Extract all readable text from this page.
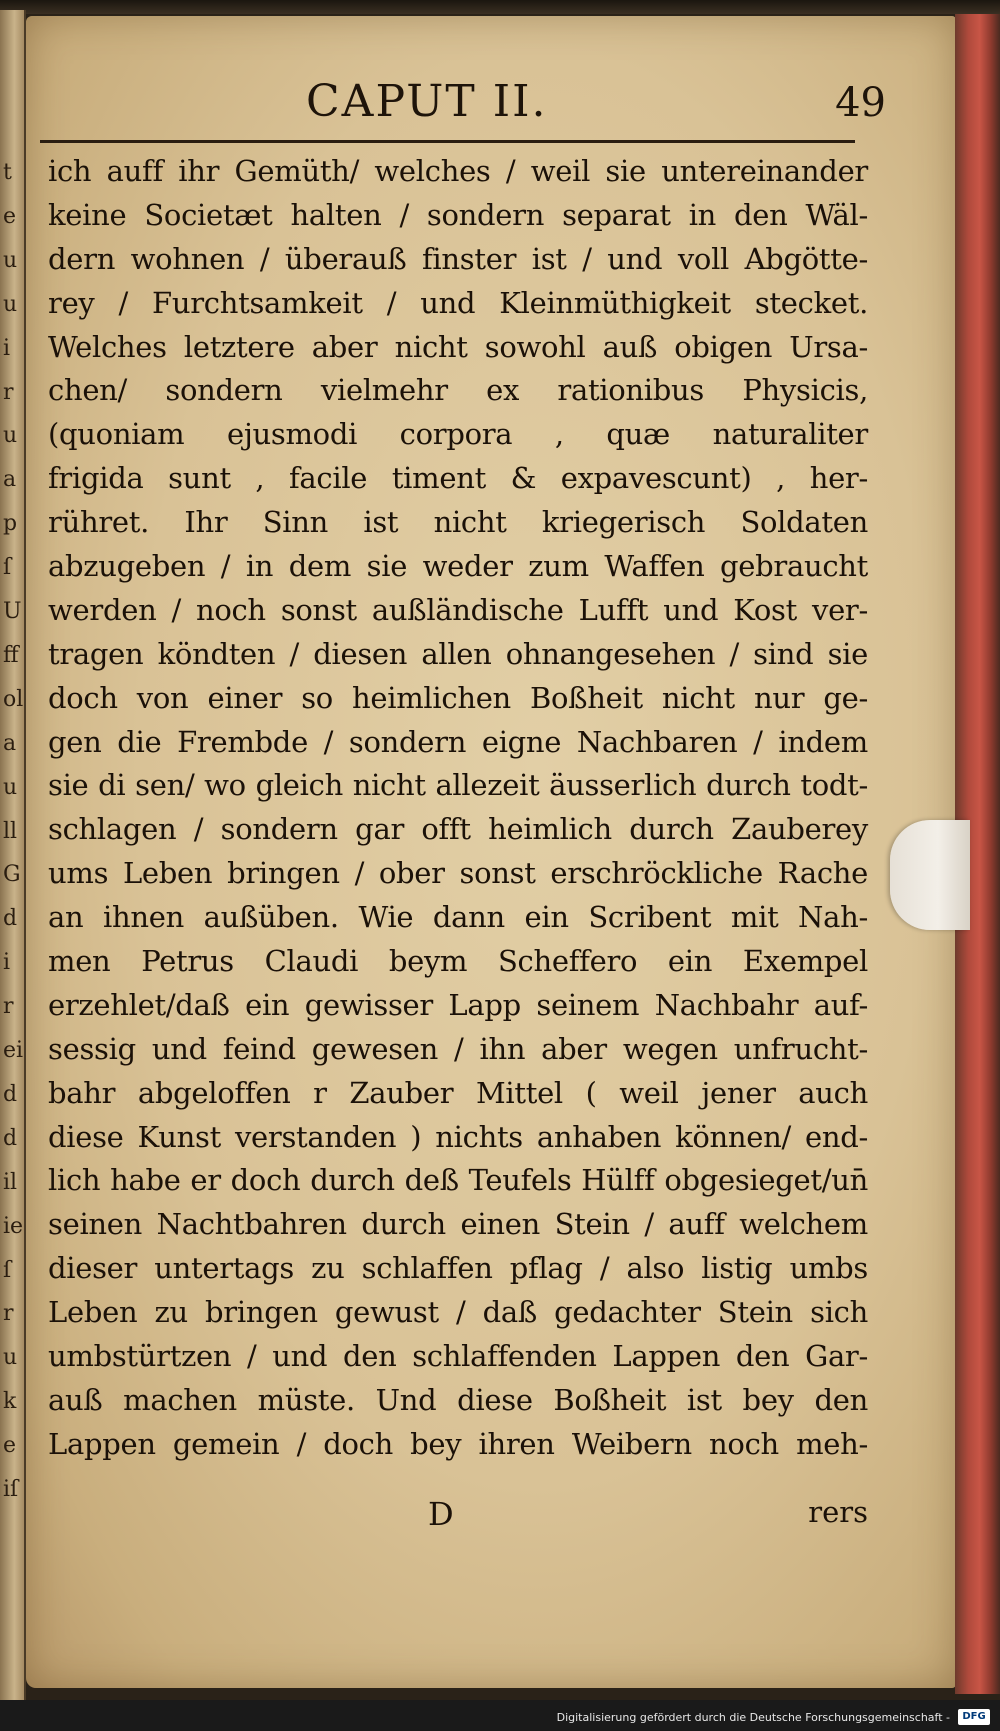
t
e
u
u
i
r
u
a
p
ſ
U
ff
ol
a
u
ll
G
d
i
r
ei
d
d
il
ie
ſ
r
u
k
e
iſ
CAPUT II.	49
ich auff ihr Gemüth/ welches / weil sie untereinander
keine Societæt halten / sondern separat in den Wäl-
dern wohnen / überauß finster ist / und voll Abgötte-
rey / Furchtsamkeit / und Kleinmüthigkeit stecket.
Welches letztere aber nicht sowohl auß obigen Ursa-
chen/ sondern vielmehr ex rationibus Physicis,
(quoniam ejusmodi corpora , quæ naturaliter
frigida sunt , facile timent & expavescunt) , her-
rühret. Ihr Sinn ist nicht kriegerisch Soldaten
abzugeben / in dem sie weder zum Waffen gebraucht
werden / noch sonst außländische Lufft und Kost ver-
tragen köndten / diesen allen ohnangesehen / sind sie
doch von einer so heimlichen Boßheit nicht nur ge-
gen die Frembde / sondern eigne Nachbaren / indem
sie di sen/ wo gleich nicht allezeit äusserlich durch todt-
schlagen / sondern gar offt heimlich durch Zauberey
ums Leben bringen / ober sonst erschröckliche Rache
an ihnen außüben. Wie dann ein Scribent mit Nah-
men Petrus Claudi beym Scheffero ein Exempel
erzehlet/daß ein gewisser Lapp seinem Nachbahr auf-
sessig und feind gewesen / ihn aber wegen unfrucht-
bahr abgeloffen r Zauber Mittel ( weil jener auch
diese Kunst verstanden ) nichts anhaben können/ end-
lich habe er doch durch deß Teufels Hülff obgesieget/un̄
seinen Nachtbahren durch einen Stein / auff welchem
dieser untertags zu schlaffen pflag / also listig umbs
Leben zu bringen gewust / daß gedachter Stein sich
umbstürtzen / und den schlaffenden Lappen den Gar-
auß machen müste. Und diese Boßheit ist bey den
Lappen gemein / doch bey ihren Weibern noch meh-
D	rers
Digitalisierung gefördert durch die Deutsche Forschungsgemeinschaft -	DFG
